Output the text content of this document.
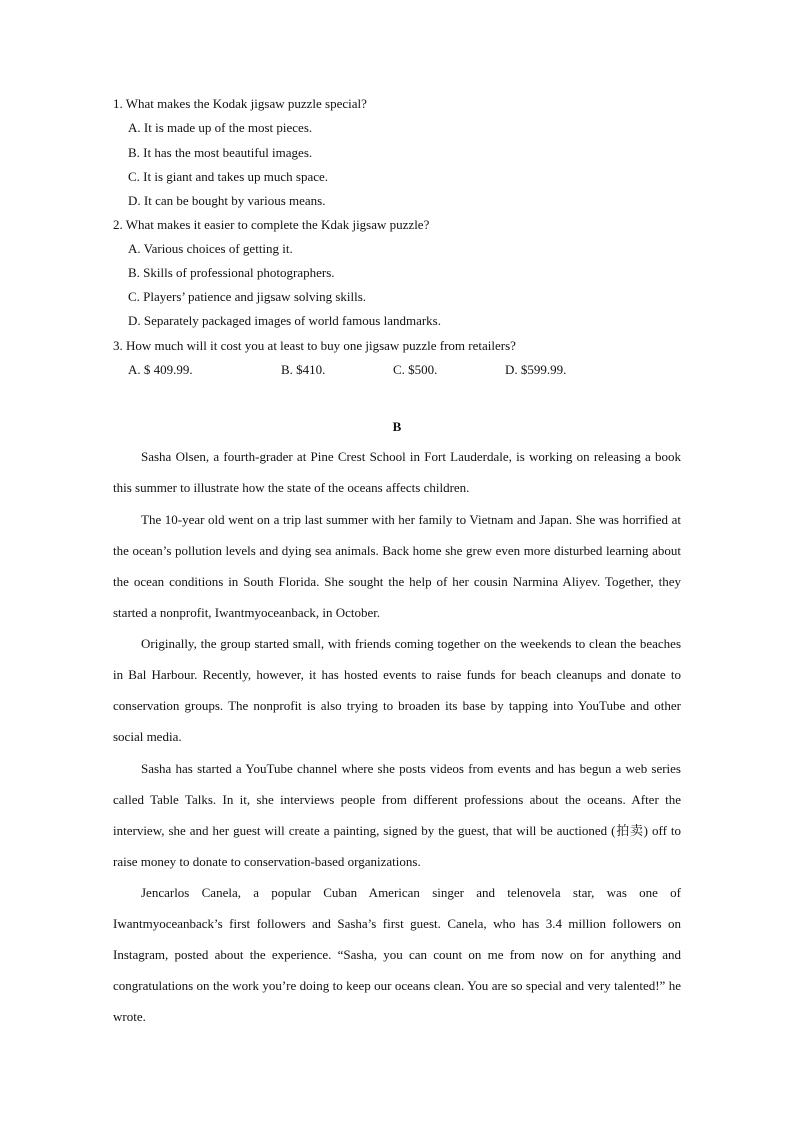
1. What makes the Kodak jigsaw puzzle special?
A. It is made up of the most pieces.
B. It has the most beautiful images.
C. It is giant and takes up much space.
D. It can be bought by various means.
2. What makes it easier to complete the Kdak jigsaw puzzle?
A. Various choices of getting it.
B. Skills of professional photographers.
C. Players’ patience and jigsaw solving skills.
D. Separately packaged images of world famous landmarks.
3. How much will it cost you at least to buy one jigsaw puzzle from retailers?
A. $ 409.99.	B. $410.	C. $500.	D. $599.99.
B

Sasha Olsen, a fourth-grader at Pine Crest School in Fort Lauderdale, is working on releasing a book this summer to illustrate how the state of the oceans affects children.

The 10-year old went on a trip last summer with her family to Vietnam and Japan. She was horrified at the ocean’s pollution levels and dying sea animals. Back home she grew even more disturbed learning about the ocean conditions in South Florida. She sought the help of her cousin Narmina Aliyev. Together, they started a nonprofit, Iwantmyoceanback, in October.

Originally, the group started small, with friends coming together on the weekends to clean the beaches in Bal Harbour. Recently, however, it has hosted events to raise funds for beach cleanups and donate to conservation groups. The nonprofit is also trying to broaden its base by tapping into YouTube and other social media.

Sasha has started a YouTube channel where she posts videos from events and has begun a web series called Table Talks. In it, she interviews people from different professions about the oceans. After the interview, she and her guest will create a painting, signed by the guest, that will be auctioned (拍卖) off to raise money to donate to conservation-based organizations.

Jencarlos Canela, a popular Cuban American singer and telenovela star, was one of Iwantmyoceanback’s first followers and Sasha’s first guest. Canela, who has 3.4 million followers on Instagram, posted about the experience. “Sasha, you can count on me from now on for anything and congratulations on the work you’re doing to keep our oceans clean. You are so special and very talented!” he wrote.
